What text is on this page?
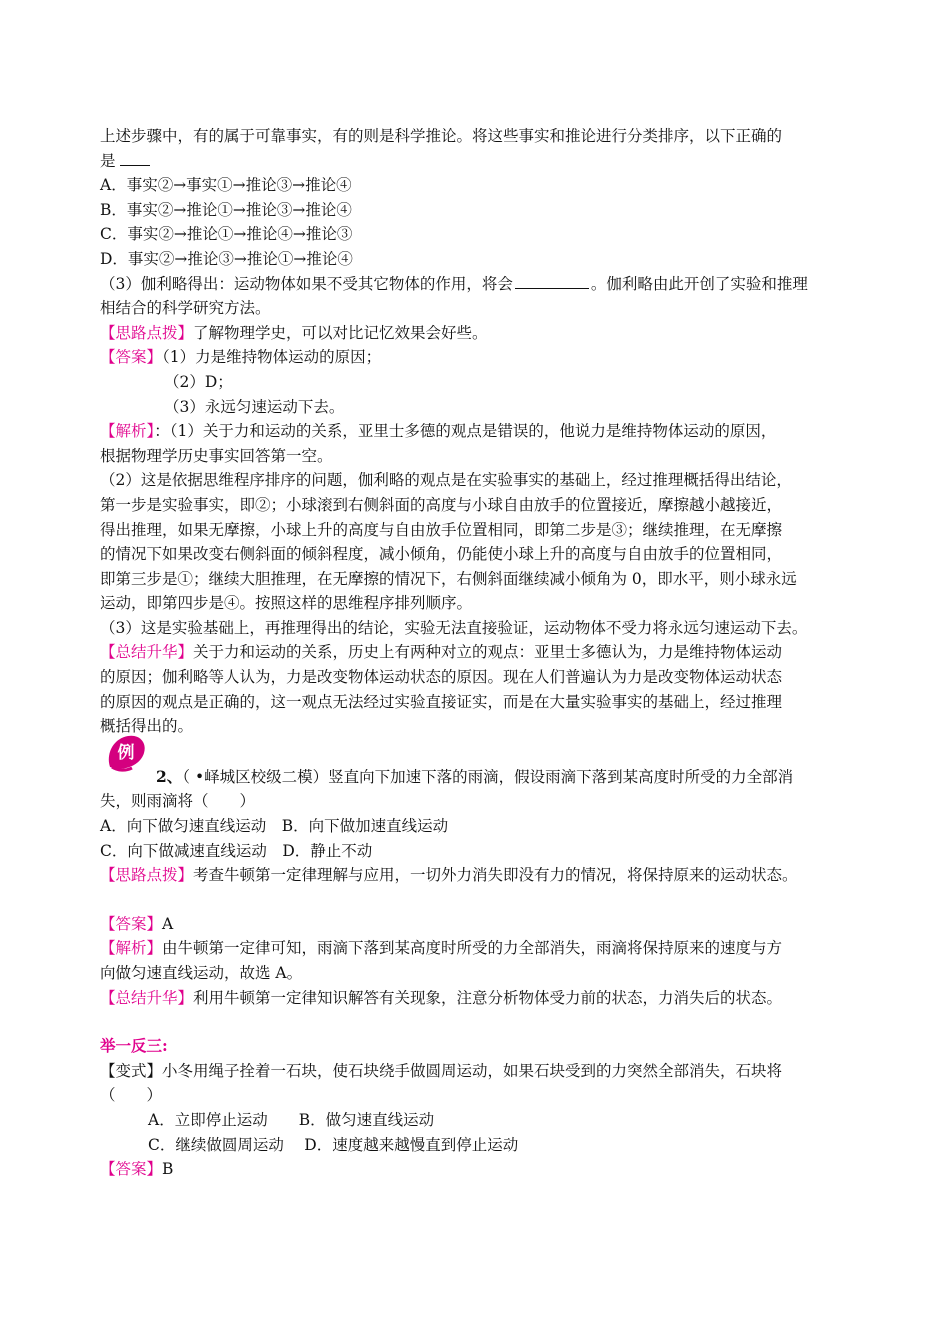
上述步骤中，有的属于可靠事实，有的则是科学推论。将这些事实和推论进行分类排序，以下正确的
是
A．事实②→事实①→推论③→推论④
B．事实②→推论①→推论③→推论④
C．事实②→推论①→推论④→推论③
D．事实②→推论③→推论①→推论④
（3）伽利略得出：运动物体如果不受其它物体的作用，将会	。伽利略由此开创了实验和推理
相结合的科学研究方法。
【思路点拨】了解物理学史，可以对比记忆效果会好些。
【答案】（1）力是维持物体运动的原因；
（2）D；
（3）永远匀速运动下去。
【解析】：（1）关于力和运动的关系，亚里士多德的观点是错误的，他说力是维持物体运动的原因，
根据物理学历史事实回答第一空。
（2）这是依据思维程序排序的问题，伽利略的观点是在实验事实的基础上，经过推理概括得出结论，
第一步是实验事实，即②；小球滚到右侧斜面的高度与小球自由放手的位置接近，摩擦越小越接近，
得出推理，如果无摩擦，小球上升的高度与自由放手位置相同，即第二步是③；继续推理，在无摩擦
的情况下如果改变右侧斜面的倾斜程度，减小倾角，仍能使小球上升的高度与自由放手的位置相同，
即第三步是①；继续大胆推理，在无摩擦的情况下，右侧斜面继续减小倾角为 0，即水平，则小球永远
运动，即第四步是④。按照这样的思维程序排列顺序。
（3）这是实验基础上，再推理得出的结论，实验无法直接验证，运动物体不受力将永远匀速运动下去。
【总结升华】关于力和运动的关系，历史上有两种对立的观点：亚里士多德认为，力是维持物体运动
的原因；伽利略等人认为，力是改变物体运动状态的原因。现在人们普遍认为力是改变物体运动状态
的原因的观点是正确的，这一观点无法经过实验直接证实，而是在大量实验事实的基础上，经过推理
概括得出的。
例
2、（ •峄城区校级二模）竖直向下加速下落的雨滴，假设雨滴下落到某高度时所受的力全部消
失，则雨滴将（　　）
A．向下做匀速直线运动　B．向下做加速直线运动
C．向下做减速直线运动　D．静止不动
【思路点拨】考查牛顿第一定律理解与应用，一切外力消失即没有力的情况，将保持原来的运动状态。
【答案】A
【解析】由牛顿第一定律可知，雨滴下落到某高度时所受的力全部消失，雨滴将保持原来的速度与方
向做匀速直线运动，故选 A。
【总结升华】利用牛顿第一定律知识解答有关现象，注意分析物体受力前的状态，力消失后的状态。
举一反三:
【变式】小冬用绳子拴着一石块，使石块绕手做圆周运动，如果石块受到的力突然全部消失，石块将
（　　）
A．立即停止运动　　B．做匀速直线运动
C．继续做圆周运动　 D．速度越来越慢直到停止运动
【答案】B
